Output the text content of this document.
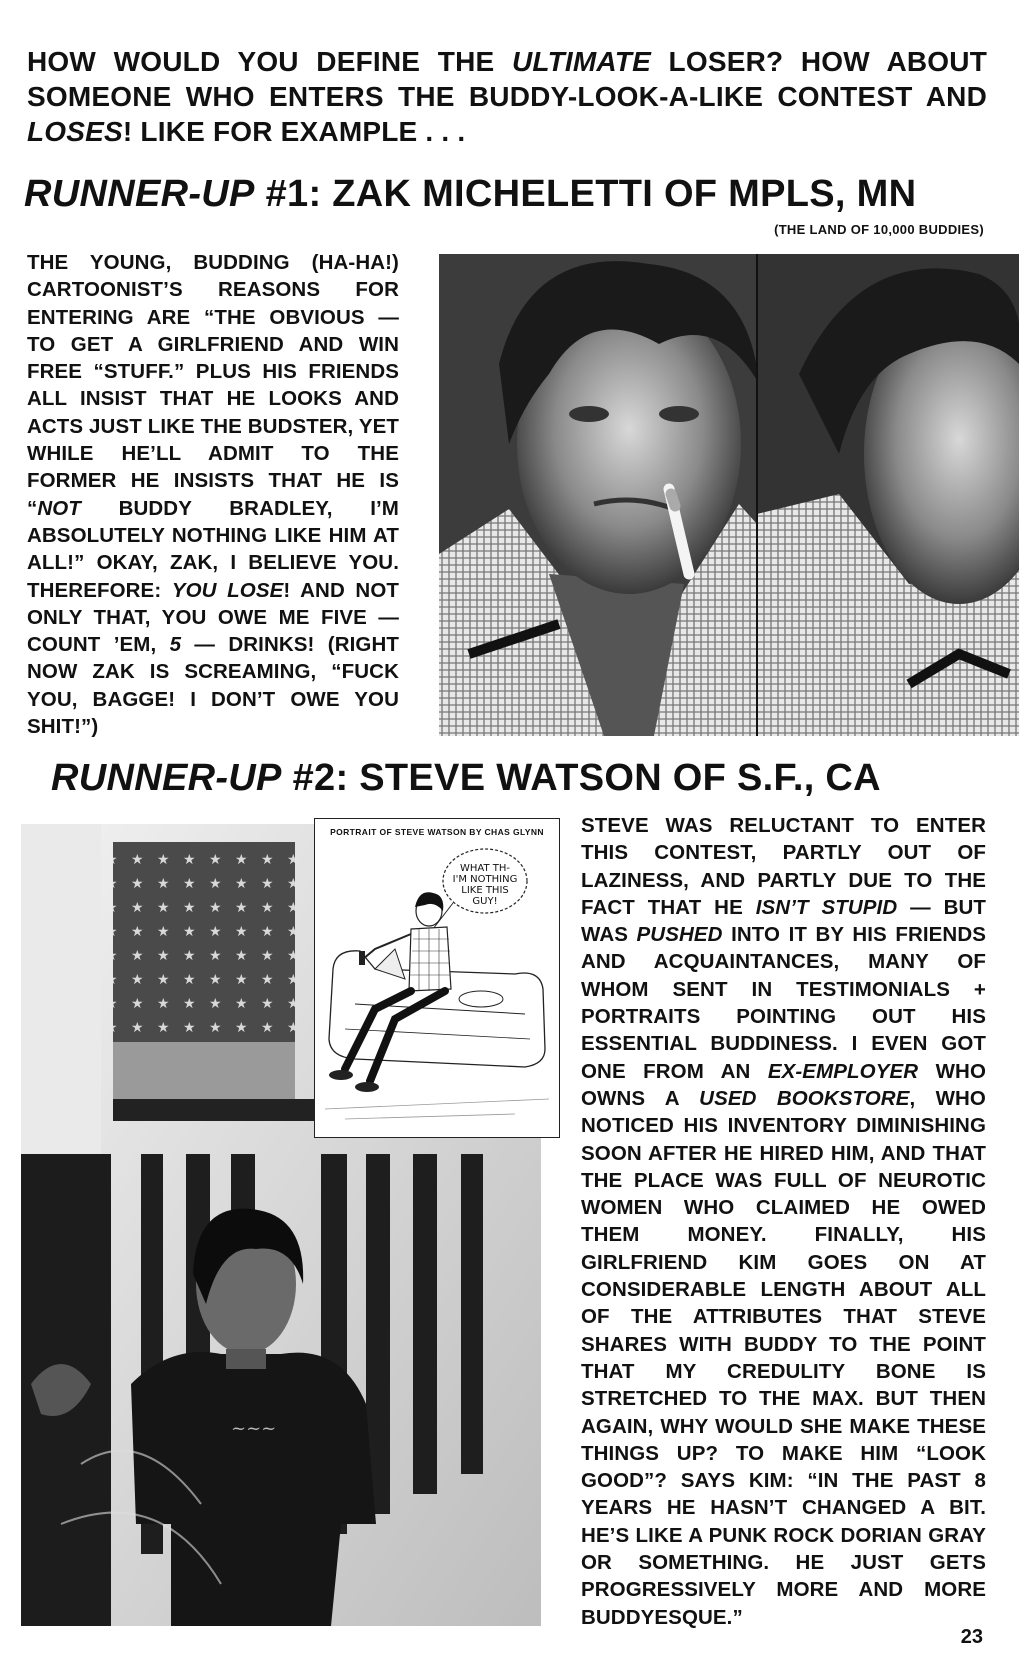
HOW WOULD YOU DEFINE THE ULTIMATE LOSER? HOW ABOUT SOMEONE WHO ENTERS THE BUDDY-LOOK-A-LIKE CONTEST AND LOSES! LIKE FOR EXAMPLE . . .
RUNNER-UP #1: ZAK MICHELETTI OF MPLS, MN
(THE LAND OF 10,000 BUDDIES)
THE YOUNG, BUDDING (HA-HA!) CARTOONIST’S REASONS FOR ENTERING ARE “THE OBVIOUS — TO GET A GIRLFRIEND AND WIN FREE “STUFF.” PLUS HIS FRIENDS ALL INSIST THAT HE LOOKS AND ACTS JUST LIKE THE BUDSTER, YET WHILE HE’LL ADMIT TO THE FORMER HE INSISTS THAT HE IS “NOT BUDDY BRADLEY, I’M ABSOLUTELY NOTHING LIKE HIM AT ALL!” OKAY, ZAK, I BELIEVE YOU. THEREFORE: YOU LOSE! AND NOT ONLY THAT, YOU OWE ME FIVE — COUNT ’EM, 5 — DRINKS! (RIGHT NOW ZAK IS SCREAMING, “FUCK YOU, BAGGE! I DON’T OWE YOU SHIT!”)
RUNNER-UP #2: STEVE WATSON OF S.F., CA
~~~
PORTRAIT OF STEVE WATSON BY CHAS GLYNN
WHAT TH-
I'M NOTHING
LIKE THIS
GUY!
STEVE WAS RELUCTANT TO ENTER THIS CONTEST, PARTLY OUT OF LAZINESS, AND PARTLY DUE TO THE FACT THAT HE ISN’T STUPID — BUT WAS PUSHED INTO IT BY HIS FRIENDS AND ACQUAINTANCES, MANY OF WHOM SENT IN TESTIMONIALS + PORTRAITS POINTING OUT HIS ESSENTIAL BUDDINESS. I EVEN GOT ONE FROM AN EX-EMPLOYER WHO OWNS A USED BOOKSTORE, WHO NOTICED HIS INVENTORY DIMINISHING SOON AFTER HE HIRED HIM, AND THAT THE PLACE WAS FULL OF NEUROTIC WOMEN WHO CLAIMED HE OWED THEM MONEY. FINALLY, HIS GIRLFRIEND KIM GOES ON AT CONSIDERABLE LENGTH ABOUT ALL OF THE ATTRIBUTES THAT STEVE SHARES WITH BUDDY TO THE POINT THAT MY CREDULITY BONE IS STRETCHED TO THE MAX. BUT THEN AGAIN, WHY WOULD SHE MAKE THESE THINGS UP? TO MAKE HIM “LOOK GOOD”? SAYS KIM: “IN THE PAST 8 YEARS HE HASN’T CHANGED A BIT. HE’S LIKE A PUNK ROCK DORIAN GRAY OR SOMETHING. HE JUST GETS PROGRESSIVELY MORE AND MORE BUDDYESQUE.”
23
